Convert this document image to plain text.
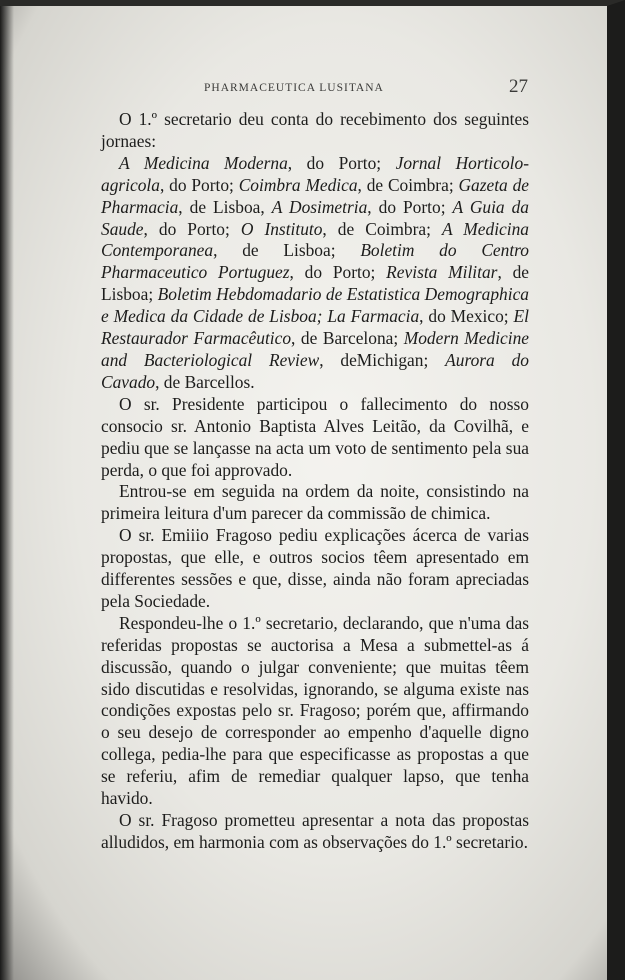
PHARMACEUTICA LUSITANA	27

O 1.º secretario deu conta do recebimento dos seguintes jornaes:

A Medicina Moderna, do Porto; Jornal Horticolo-agricola, do Porto; Coimbra Medica, de Coimbra; Gazeta de Pharmacia, de Lisboa, A Dosimetria, do Porto; A Guia da Saude, do Porto; O Instituto, de Coimbra; A Medicina Contemporanea, de Lisboa; Boletim do Centro Pharmaceutico Portuguez, do Porto; Revista Militar, de Lisboa; Boletim Hebdomadario de Estatistica Demographica e Medica da Cidade de Lisboa; La Farmacia, do Mexico; El Restaurador Farmacêutico, de Barcelona; Modern Medicine and Bacteriological Review, deMichigan; Aurora do Cavado, de Barcellos.

O sr. Presidente participou o fallecimento do nosso consocio sr. Antonio Baptista Alves Leitão, da Covilhã, e pediu que se lançasse na acta um voto de sentimento pela sua perda, o que foi approvado.

Entrou-se em seguida na ordem da noite, consistindo na primeira leitura d'um parecer da commissão de chimica.

O sr. Emiiio Fragoso pediu explicações ácerca de varias propostas, que elle, e outros socios têem apresentado em differentes sessões e que, disse, ainda não foram apreciadas pela Sociedade.

Respondeu-lhe o 1.º secretario, declarando, que n'uma das referidas propostas se auctorisa a Mesa a submettel-as á discussão, quando o julgar conveniente; que muitas têem sido discutidas e resolvidas, ignorando, se alguma existe nas condições expostas pelo sr. Fragoso; porém que, affirmando o seu desejo de corresponder ao empenho d'aquelle digno collega, pedia-lhe para que especificasse as propostas a que se referiu, afim de remediar qualquer lapso, que tenha havido.

O sr. Fragoso prometteu apresentar a nota das propostas alludidos, em harmonia com as observações do 1.º secretario.
